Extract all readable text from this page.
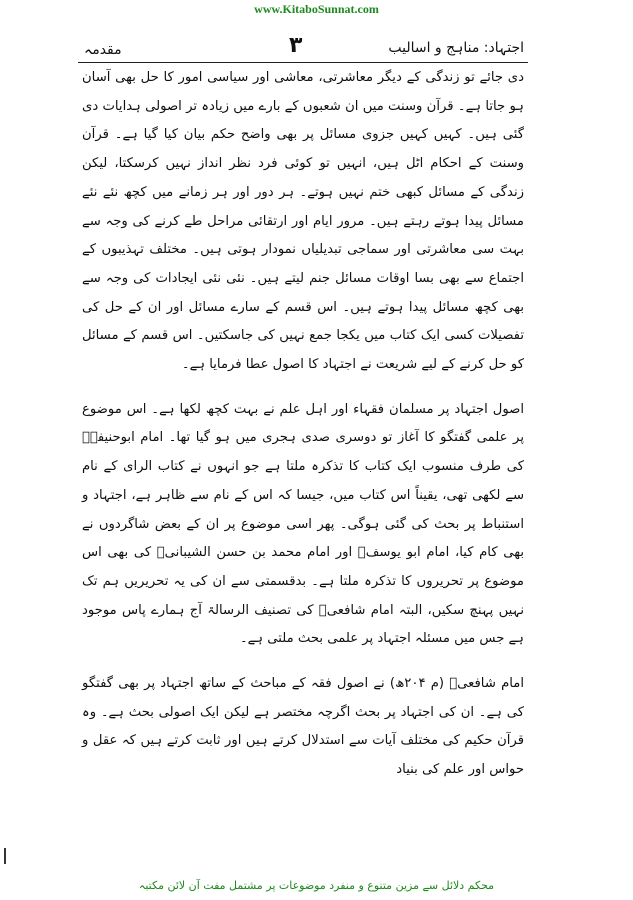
www.KitaboSunnat.com
اجتہاد: مناہج و اسالیب
۳
مقدمہ

دی جائے تو زندگی کے دیگر معاشرتی، معاشی اور سیاسی امور کا حل بھی آسان ہو جاتا ہے۔ قرآن وسنت میں ان شعبوں کے بارے میں زیادہ تر اصولی ہدایات دی گئی ہیں۔ کہیں کہیں جزوی مسائل پر بھی واضح حکم بیان کیا گیا ہے۔ قرآن وسنت کے احکام اٹل ہیں، انہیں تو کوئی فرد نظر انداز نہیں کرسکتا، لیکن زندگی کے مسائل کبھی ختم نہیں ہوتے۔ ہر دور اور ہر زمانے میں کچھ نئے نئے مسائل پیدا ہوتے رہتے ہیں۔ مرور ایام اور ارتقائی مراحل طے کرنے کی وجہ سے بہت سی معاشرتی اور سماجی تبدیلیاں نمودار ہوتی ہیں۔ مختلف تہذیبوں کے اجتماع سے بھی بسا اوقات مسائل جنم لیتے ہیں۔ نئی نئی ایجادات کی وجہ سے بھی کچھ مسائل پیدا ہوتے ہیں۔ اس قسم کے سارے مسائل اور ان کے حل کی تفصیلات کسی ایک کتاب میں یکجا جمع نہیں کی جاسکتیں۔ اس قسم کے مسائل کو حل کرنے کے لیے شریعت نے اجتہاد کا اصول عطا فرمایا ہے۔

اصول اجتہاد پر مسلمان فقہاء اور اہل علم نے بہت کچھ لکھا ہے۔ اس موضوع پر علمی گفتگو کا آغاز تو دوسری صدی ہجری میں ہو گیا تھا۔ امام ابوحنیفہؒ کی طرف منسوب ایک کتاب کا تذکرہ ملتا ہے جو انہوں نے کتاب الرای کے نام سے لکھی تھی، یقیناً اس کتاب میں، جیسا کہ اس کے نام سے ظاہر ہے، اجتہاد و استنباط پر بحث کی گئی ہوگی۔ پھر اسی موضوع پر ان کے بعض شاگردوں نے بھی کام کیا، امام ابو یوسفؒ اور امام محمد بن حسن الشیبانیؒ کی بھی اس موضوع پر تحریروں کا تذکرہ ملتا ہے۔ بدقسمتی سے ان کی یہ تحریریں ہم تک نہیں پہنچ سکیں، البتہ امام شافعیؒ کی تصنیف الرسالۃ آج ہمارے پاس موجود ہے جس میں مسئلہ اجتہاد پر علمی بحث ملتی ہے۔

امام شافعیؒ (م ۲۰۴ھ) نے اصول فقہ کے مباحث کے ساتھ اجتہاد پر بھی گفتگو کی ہے۔ ان کی اجتہاد پر بحث اگرچہ مختصر ہے لیکن ایک اصولی بحث ہے۔ وہ قرآن حکیم کی مختلف آیات سے استدلال کرتے ہیں اور ثابت کرتے ہیں کہ عقل و حواس اور علم کی بنیاد

محکم دلائل سے مزین متنوع و منفرد موضوعات پر مشتمل مفت آن لائن مکتبہ
